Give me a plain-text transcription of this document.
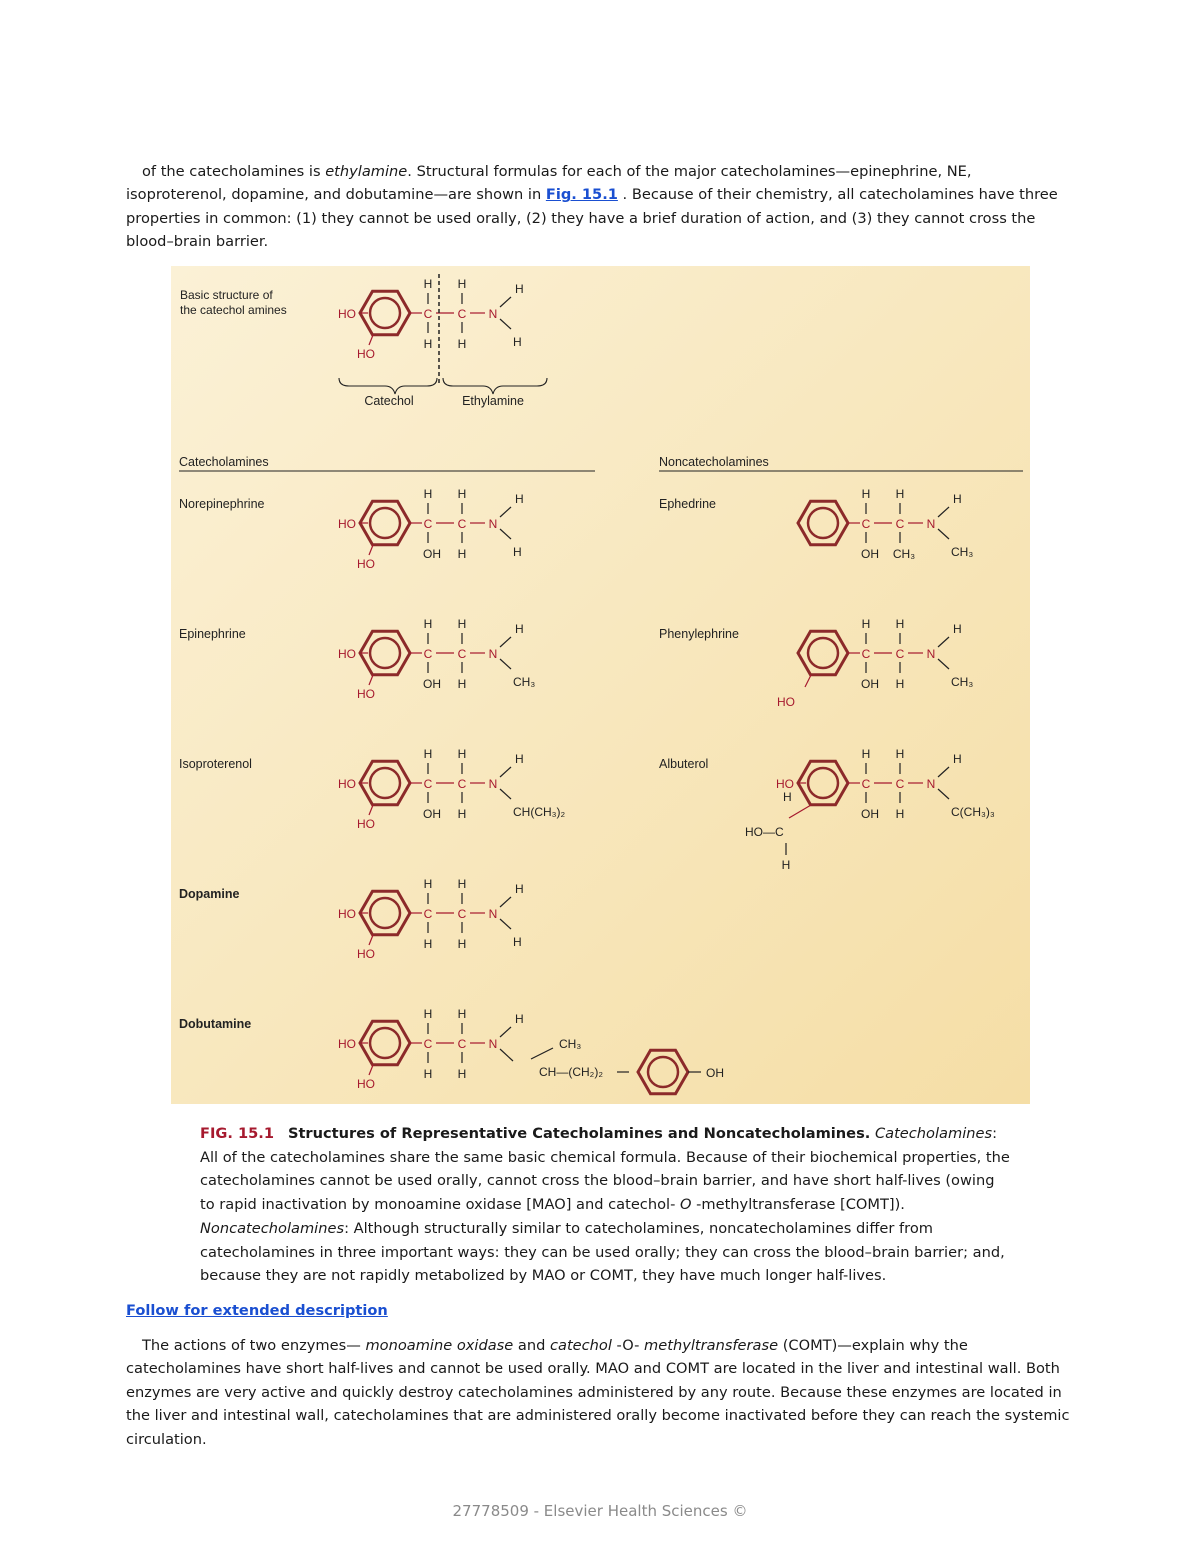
of the catecholamines is ethylamine. Structural formulas for each of the major catecholamines—epinephrine, NE, isoproterenol, dopamine, and dobutamine—are shown in Fig. 15.1 . Because of their chemistry, all catecholamines have three properties in common: (1) they cannot be used orally, (2) they have a brief duration of action, and (3) they cannot cross the blood–brain barrier.

Basic structure of
the catechol amines	HO
HO
C C N
H H
H H
H
H
Catechol	Ethylamine
Catecholamines	Noncatecholamines
Norepinephrine
HO
HO
C C N
H H
OH H
H
H
Epinephrine
HO
HO
C C N
H H
OH H
H
CH₃
Isoproterenol
HO
HO
C C N
H H
OH H
H
CH(CH₃)₂
Dopamine
HO
HO
C C N
H H
H H
H
H
Dobutamine
HO
HO
C C N
H H
H H
H
CH₃
CH—(CH₂)₂	OH
Ephedrine
C C N
H H
OH CH₃
H
CH₃
Phenylephrine
C C N
H H
OH H
H
CH₃
HO
Albuterol
HO	C C N
H H
OH H
H
C(CH₃)₃
HO—C
H
H

FIG. 15.1 Structures of Representative Catecholamines and Noncatecholamines. Catecholamines: All of the catecholamines share the same basic chemical formula. Because of their biochemical properties, the catecholamines cannot be used orally, cannot cross the blood–brain barrier, and have short half-lives (owing to rapid inactivation by monoamine oxidase [MAO] and catechol- O -methyltransferase [COMT]).
Noncatecholamines: Although structurally similar to catecholamines, noncatecholamines differ from catecholamines in three important ways: they can be used orally; they can cross the blood–brain barrier; and, because they are not rapidly metabolized by MAO or COMT, they have much longer half-lives.

Follow for extended description

The actions of two enzymes— monoamine oxidase and catechol -O- methyltransferase (COMT)—explain why the catecholamines have short half-lives and cannot be used orally. MAO and COMT are located in the liver and intestinal wall. Both enzymes are very active and quickly destroy catecholamines administered by any route. Because these enzymes are located in the liver and intestinal wall, catecholamines that are administered orally become inactivated before they can reach the systemic circulation.

27778509 - Elsevier Health Sciences ©
